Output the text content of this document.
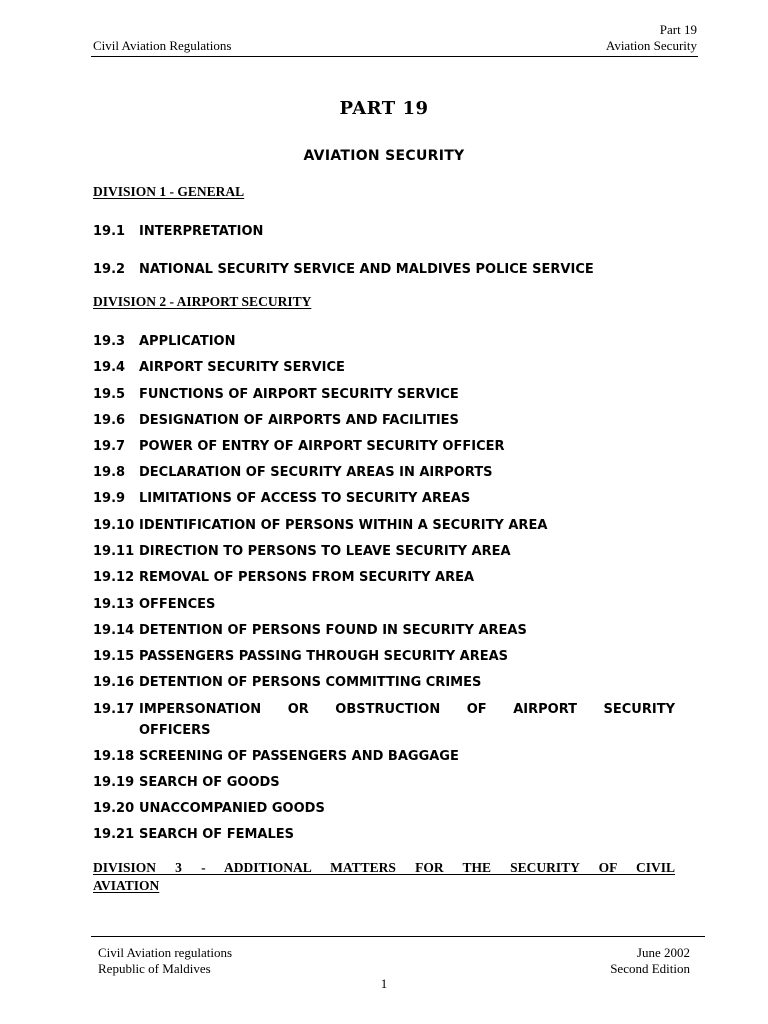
Part 19
Civil Aviation Regulations	Aviation Security
PART 19
AVIATION SECURITY
DIVISION 1 - GENERAL
19.1 INTERPRETATION
19.2 NATIONAL SECURITY SERVICE AND MALDIVES POLICE SERVICE
DIVISION 2 - AIRPORT SECURITY
19.3 APPLICATION
19.4 AIRPORT SECURITY SERVICE
19.5 FUNCTIONS OF AIRPORT SECURITY SERVICE
19.6 DESIGNATION OF AIRPORTS AND FACILITIES
19.7 POWER OF ENTRY OF AIRPORT SECURITY OFFICER
19.8 DECLARATION OF SECURITY AREAS IN AIRPORTS
19.9 LIMITATIONS OF ACCESS TO SECURITY AREAS
19.10 IDENTIFICATION OF PERSONS WITHIN A SECURITY AREA
19.11 DIRECTION TO PERSONS TO LEAVE SECURITY AREA
19.12 REMOVAL OF PERSONS FROM SECURITY AREA
19.13 OFFENCES
19.14 DETENTION OF PERSONS FOUND IN SECURITY AREAS
19.15 PASSENGERS PASSING THROUGH SECURITY AREAS
19.16 DETENTION OF PERSONS COMMITTING CRIMES
19.17 IMPERSONATION OR OBSTRUCTION OF AIRPORT SECURITY
OFFICERS
19.18 SCREENING OF PASSENGERS AND BAGGAGE
19.19 SEARCH OF GOODS
19.20 UNACCOMPANIED GOODS
19.21 SEARCH OF FEMALES
DIVISION 3 - ADDITIONAL MATTERS FOR THE SECURITY OF CIVIL
AVIATION
Civil Aviation regulations
Republic of Maldives
June 2002
Second Edition
1
